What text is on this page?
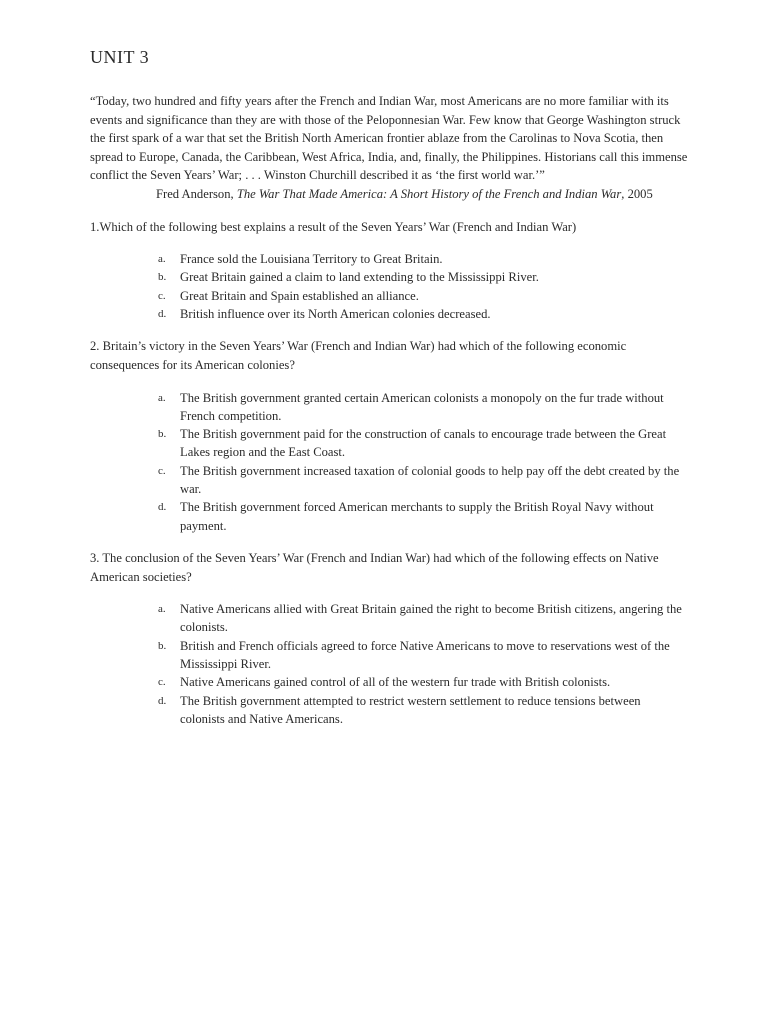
UNIT 3

“Today, two hundred and fifty years after the French and Indian War, most Americans are no more familiar with its events and significance than they are with those of the Peloponnesian War. Few know that George Washington struck the first spark of a war that set the British North American frontier ablaze from the Carolinas to Nova Scotia, then spread to Europe, Canada, the Caribbean, West Africa, India, and, finally, the Philippines. Historians call this immense conflict the Seven Years’ War; . . . Winston Churchill described it as ‘the first world war.’”

Fred Anderson, The War That Made America: A Short History of the French and Indian War, 2005

1.Which of the following best explains a result of the Seven Years’ War (French and Indian War)

a.	France sold the Louisiana Territory to Great Britain.
b.	Great Britain gained a claim to land extending to the Mississippi River.
c.	Great Britain and Spain established an alliance.
d.	British influence over its North American colonies decreased.

2. Britain’s victory in the Seven Years’ War (French and Indian War) had which of the following economic consequences for its American colonies?

a.	The British government granted certain American colonists a monopoly on the fur trade without French competition.
b.	The British government paid for the construction of canals to encourage trade between the Great Lakes region and the East Coast.
c.	The British government increased taxation of colonial goods to help pay off the debt created by the war.
d.	The British government forced American merchants to supply the British Royal Navy without payment.

3. The conclusion of the Seven Years’ War (French and Indian War) had which of the following effects on Native American societies?

a.	Native Americans allied with Great Britain gained the right to become British citizens, angering the colonists.
b.	British and French officials agreed to force Native Americans to move to reservations west of the Mississippi River.
c.	Native Americans gained control of all of the western fur trade with British colonists.
d.	The British government attempted to restrict western settlement to reduce tensions between colonists and Native Americans.
